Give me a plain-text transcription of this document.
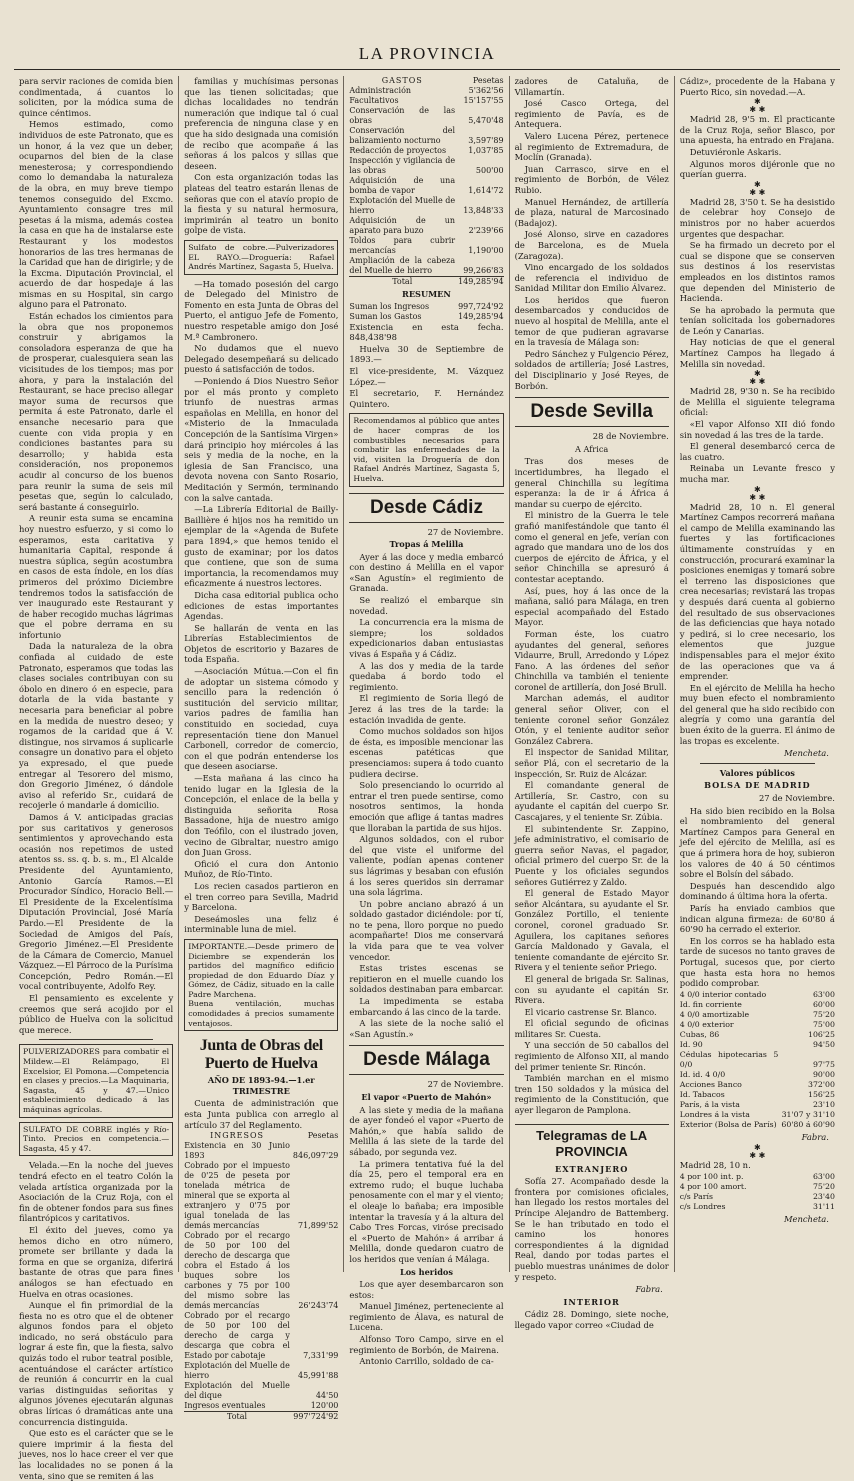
LA PROVINCIA

para servir raciones de comida bien condimentada, á cuantos lo soliciten, por la módica suma de quince céntimos.

Hemos estimado, como individuos de este Patronato, que es un honor, á la vez que un deber, ocuparnos del bien de la clase menesterosa; y correspondiendo como lo demandaba la naturaleza de la obra, en muy breve tiempo tenemos conseguido del Excmo. Ayuntamiento consagre tres mil pesetas á la misma, además costea la casa en que ha de instalarse este Restaurant y los modestos honorarios de las tres hermanas de la Caridad que han de dirigirle; y de la Excma. Diputación Provincial, el acuerdo de dar hospedaje á las mismas en su Hospital, sin cargo alguno para el Patronato.

Están echados los cimientos para la obra que nos proponemos construir y abrigamos la consoladora esperanza de que ha de prosperar, cualesquiera sean las vicisitudes de los tiempos; mas por ahora, y para la instalación del Restaurant, se hace preciso allegar mayor suma de recursos que permita á este Patronato, darle el ensanche necesario para que cuente con vida propia y en condiciones bastantes para su desarrollo; y habida esta consideración, nos proponemos acudir al concurso de los buenos para reunir la suma de seis mil pesetas que, según lo calculado, será bastante á conseguirlo.

A reunir esta suma se encamina hoy nuestro esfuerzo, y si como lo esperamos, esta caritativa y humanitaria Capital, responde á nuestra súplica, según acostumbra en casos de esta índole, en los días primeros del próximo Diciembre tendremos todos la satisfacción de ver inaugurado este Restaurant y de haber recogido muchas lágrimas que el pobre derrama en su infortunio

Dada la naturaleza de la obra confiada al cuidado de este Patronato, esperamos que todas las clases sociales contribuyan con su óbolo en dinero ó en especie, para dotarla de la vida bastante y necesaria para beneficiar al pobre en la medida de nuestro deseo; y rogamos de la caridad que á V. distingue, nos sirvamos á suplicarle consagre un donativo para el objeto ya expresado, el que puede entregar al Tesorero del mismo, don Gregorio Jiménez, ó dándole aviso al referido Sr., cuidará de recojerle ó mandarle á domicilio.

Damos á V. anticipadas gracias por sus caritativos y generosos sentimientos y aprovechando esta ocasión nos repetimos de usted atentos ss. ss. q. b. s. m., El Alcalde Presidente del Ayuntamiento, Antonio García Ramos.—El Procurador Síndico, Horacio Bell.—El Presidente de la Excelentísima Diputación Provincial, José María Pardo.—El Presidente de la Sociedad de Amigos del País, Gregorio Jiménez.—El Presidente de la Cámara de Comercio, Manuel Vázquez.—El Párroco de la Purísima Concepción, Pedro Román.—El vocal contribuyente, Adolfo Rey.

El pensamiento es excelente y creemos que será acojido por el público de Huelva con la solicitud que merece.

PULVERIZADORES para combatir el Mildew.—El Relámpago, El Excelsior, El Pomona.—Competencia en clases y precios.—La Maquinaria, Sagasta, 45 y 47.—Unico establecimiento dedicado á las máquinas agrícolas.
SULFATO DE COBRE inglés y Río-Tinto. Precios en competencia.—Sagasta, 45 y 47.

Velada.—En la noche del jueves tendrá efecto en el teatro Colón la velada artística organizada por la Asociación de la Cruz Roja, con el fin de obtener fondos para sus fines filantrópicos y caritativos.

El éxito del jueves, como ya hemos dicho en otro número, promete ser brillante y dada la forma en que se organiza, diferirá bastante de otras que para fines análogos se han efectuado en Huelva en otras ocasiones.

Aunque el fin primordial de la fiesta no es otro que el de obtener algunos fondos para el objeto indicado, no será obstáculo para lograr á este fin, que la fiesta, salvo quizás todo el rubor teatral posible, acentuándose el carácter artístico de reunión á concurrir en la cual varias distinguidas señoritas y algunos jóvenes ejecutarán algunas obras líricas ó dramáticas ante una concurrencia distinguida.

Que esto es el carácter que se le quiere imprimir á la fiesta del jueves, nos lo hace creer el ver que las localidades no se ponen á la venta, sino que se remiten á las

familias y muchísimas personas que las tienen solicitadas; que dichas localidades no tendrán numeración que indique tal ó cual preferencia de ninguna clase y en que ha sido designada una comisión de recibo que acompañe á las señoras á los palcos y sillas que deseen.

Con esta organización todas las plateas del teatro estarán llenas de señoras que con el atavío propio de la fiesta y su natural hermosura, imprimirán al teatro un bonito golpe de vista.

Sulfato de cobre.—Pulverizadores EL RAYO.—Droguería: Rafael Andrés Martínez, Sagasta 5, Huelva.

—Ha tomado posesión del cargo de Delegado del Ministro de Fomento en esta Junta de Obras del Puerto, el antiguo Jefe de Fomento, nuestro respetable amigo don José M.ª Cambronero.

No dudamos que el nuevo Delegado desempeñará su delicado puesto á satisfacción de todos.

—Poniendo á Dios Nuestro Señor por el más pronto y completo triunfo de nuestras armas españolas en Melilla, en honor del «Misterio de la Inmaculada Concepción de la Santísima Virgen» dará principio hoy miércoles á las seis y media de la noche, en la iglesia de San Francisco, una devota novena con Santo Rosario, Meditación y Sermón, terminando con la salve cantada.

—La Librería Editorial de Bailly-Baillière é hijos nos ha remitido un ejemplar de la «Agenda de Bufete para 1894,» que hemos tenido el gusto de examinar; por los datos que contiene, que son de suma importancia, la recomendamos muy eficazmente á nuestros lectores.

Dicha casa editorial publica ocho ediciones de estas importantes Agendas.

Se hallarán de venta en las Librerías Establecimientos de Objetos de escritorio y Bazares de toda España.

—Asociación Mútua.—Con el fin de adoptar un sistema cómodo y sencillo para la redención ó sustitución del servicio militar, varios padres de familia han constituido en sociedad, cuya representación tiene don Manuel Carbonell, corredor de comercio, con el que podrán entenderse los que deseen asociarse.

—Esta mañana á las cinco ha tenido lugar en la Iglesia de la Concepción, el enlace de la bella y distinguida señorita Rosa Bassadone, hija de nuestro amigo don Teófilo, con el ilustrado joven, vecino de Gibraltar, nuestro amigo don Juan Gross.

Ofició el cura don Antonio Muñoz, de Río-Tinto.

Los recien casados partieron en el tren correo para Sevilla, Madrid y Barcelona.

Deseámosles una feliz é interminable luna de miel.

IMPORTANTE.—Desde primero de Diciembre se expenderán los partidos del magnífico edificio propiedad de don Eduardo Díaz y Gómez, de Cádiz, situado en la calle Padre Marchena.
Buena ventilación, muchas comodidades á precios sumamente ventajosos.
Junta de Obras del Puerto de Huelva
AÑO DE 1893-94.—1.er TRIMESTRE

Cuenta de administración que esta Junta publica con arreglo al artículo 37 del Reglamento.

INGRESOS	Pesetas
Existencia en 30 Junio 1893	846,097'29
Cobrado por el impuesto de 0'25 de peseta por tonelada métrica de mineral que se exporta al extranjero y 0'75 por igual tonelada de las demás mercancías	71,899'52
Cobrado por el recargo de 50 por 100 del derecho de descarga que cobra el Estado á los buques sobre los carbones y 75 por 100 del mismo sobre las demás mercancías	26'243'74
Cobrado por el recargo de 50 por 100 del derecho de carga y descarga que cobra el Estado por cabotaje	7,331'99
Explotación del Muelle de hierro	45,991'88
Explotación del Muelle del dique	44'50
Ingresos eventuales	120'00
Total	997'724'92
GASTOS	Pesetas
Administración	5'362'56
Facultativos	15'157'55
Conservación de las obras	5,470'48
Conservación del balizamiento nocturno	3,597'89
Redacción de proyectos	1,037'85
Inspección y vigilancia de las obras	500'00
Adquisición de una bomba de vapor	1,614'72
Explotación del Muelle de hierro	13,848'33
Adquisición de un aparato para buzo	2'239'66
Toldos para cubrir mercancías	1,190'00
Ampliación de la cabeza del Muelle de hierro	99,266'83
Total	149,285'94
RESUMEN
Suman los Ingresos	997,724'92
Suman los Gastos	149,285'94

Existencia en esta fecha. 848,438'98

Huelva 30 de Septiembre de 1893.—

El vice-presidente, M. Vázquez López.—

El secretario, F. Hernández Quintero.

Recomendamos al público que antes de hacer compras de los combustibles necesarios para combatir las enfermedades de la vid, visiten la Droguería de don Rafael Andrés Martínez, Sagasta 5, Huelva.
Desde Cádiz
27 de Noviembre.
Tropas á Melilla

Ayer á las doce y media embarcó con destino á Melilla en el vapor «San Agustín» el regimiento de Granada.

Se realizó el embarque sin novedad.

La concurrencia era la misma de siempre; los soldados expedicionarios daban entusiastas vivas á España y á Cádiz.

A las dos y media de la tarde quedaba á bordo todo el regimiento.

El regimiento de Soria llegó de Jerez á las tres de la tarde: la estación invadida de gente.

Como muchos soldados son hijos de ésta, es imposible mencionar las escenas patéticas que presenciamos: supera á todo cuanto pudiera decirse.

Solo presenciando lo ocurrido al entrar el tren puede sentirse, como nosotros sentimos, la honda emoción que aflige á tantas madres que lloraban la partida de sus hijos.

Algunos soldados, con el rubor del que viste el uniforme del valiente, podían apenas contener sus lágrimas y besaban con efusión á los seres queridos sin derramar una sola lágrima.

Un pobre anciano abrazó á un soldado gastador diciéndole: por tí, no te pena, lloro porque no puedo acompañarte! Dios me conservará la vida para que te vea volver vencedor.

Estas tristes escenas se repitieron en el muelle cuando los soldados destinaban para embarcar.

La impedimenta se estaba embarcando á las cinco de la tarde.

A las siete de la noche salió el «San Agustín.»

Desde Málaga
27 de Noviembre.
El vapor «Puerto de Mahón»

A las siete y media de la mañana de ayer fondeó el vapor «Puerto de Mahón,» que había salido de Melilla á las siete de la tarde del sábado, por segunda vez.

La primera tentativa fué la del día 25, pero el temporal era en extremo rudo; el buque luchaba penosamente con el mar y el viento; el oleaje lo bañaba; era imposible intentar la travesía y á la altura del Cabo Tres Forcas, viróse precisado el «Puerto de Mahón» á arribar á Melilla, donde quedaron cuatro de los heridos que venían á Málaga.

Los heridos

Los que ayer desembarcaron son estos:

Manuel Jiménez, perteneciente al regimiento de Álava, es natural de Lucena.

Alfonso Toro Campo, sirve en el regimiento de Borbón, de Mairena.

Antonio Carrillo, soldado de ca-

zadores de Cataluña, de Villamartín.

José Casco Ortega, del regimiento de Pavía, es de Antequera.

Valero Lucena Pérez, pertenece al regimiento de Extremadura, de Moclín (Granada).

Juan Carrasco, sirve en el regimiento de Borbón, de Vélez Rubio.

Manuel Hernández, de artillería de plaza, natural de Marcosinado (Badajoz).

José Alonso, sirve en cazadores de Barcelona, es de Muela (Zaragoza).

Vino encargado de los soldados de referencia el individuo de Sanidad Militar don Emilio Álvarez.

Los heridos que fueron desembarcados y conducidos de nuevo al hospital de Melilla, ante el temor de que pudieran agravarse en la travesía de Málaga son:

Pedro Sánchez y Fulgencio Pérez, soldados de artillería; José Lastres, del Disciplinario y José Reyes, de Borbón.

Desde Sevilla
28 de Noviembre.
A Africa

Tras dos meses de incertidumbres, ha llegado el general Chinchilla su legítima esperanza: la de ir á África á mandar su cuerpo de ejército.

El ministro de la Guerra le tele grafió manifestándole que tanto él como el general en jefe, verían con agrado que mandara uno de los dos cuerpos de ejército de África, y el señor Chinchilla se apresuró á contestar aceptando.

Así, pues, hoy á las once de la mañana, salió para Málaga, en tren especial acompañado del Estado Mayor.

Forman éste, los cuatro ayudantes del general, señores Vidaurre, Brull, Arredondo y López Fano. A las órdenes del señor Chinchilla va también el teniente coronel de artillería, don José Brull.

Marchan además, el auditor general señor Oliver, con el teniente coronel señor González Otón, y el teniente auditor señor González Cabrera.

El inspector de Sanidad Militar, señor Plá, con el secretario de la inspección, Sr. Ruiz de Alcázar.

El comandante general de Artillería, Sr. Castro, con su ayudante el capitán del cuerpo Sr. Cascajares, y el teniente Sr. Zúbia.

El subintendente Sr. Zappino, jefe administrativo, el comisario de guerra señor Navas, el pagador, oficial primero del cuerpo Sr. de la Puente y los oficiales segundos señores Gutiérrez y Zaldo.

El general de Estado Mayor señor Alcántara, su ayudante el Sr. González Portillo, el teniente coronel, coronel graduado Sr. Aguilera, los capitanes señores García Maldonado y Gavala, el teniente comandante de ejército Sr. Rivera y el teniente señor Priego.

El general de brigada Sr. Salinas, con su ayudante el capitán Sr. Rivera.

El vicario castrense Sr. Blanco.

El oficial segundo de oficinas militares Sr. Cuesta.

Y una sección de 50 caballos del regimiento de Alfonso XII, al mando del primer teniente Sr. Rincón.

También marchan en el mismo tren 150 soldados y la música del regimiento de la Constitución, que ayer llegaron de Pamplona.

Telegramas de LA PROVINCIA
EXTRANJERO

Sofía 27. Acompañado desde la frontera por comisiones oficiales, han llegado los restos mortales del Príncipe Alejandro de Battemberg. Se le han tributado en todo el camino los honores correspondientes á la dignidad Real, dando por todas partes el pueblo muestras unánimes de dolor y respeto.

Fabra.
INTERIOR

Cádiz 28. Domingo, siete noche, llegado vapor correo «Ciudad de

Cádiz», procedente de la Habana y Puerto Rico, sin novedad.—A.

✱
✱ ✱

Madrid 28, 9'5 m. El practicante de la Cruz Roja, señor Blasco, por una apuesta, ha entrado en Frajana.

Detuviéronle Askaris.

Algunos moros dijéronle que no querían guerra.

✱
✱ ✱

Madrid 28, 3'50 t. Se ha desistido de celebrar hoy Consejo de ministros por no haber acuerdos urgentes que despachar.

Se ha firmado un decreto por el cual se dispone que se conserven sus destinos á los reservistas empleados en los distintos ramos que dependen del Ministerio de Hacienda.

Se ha aprobado la permuta que tenían solicitada los gobernadores de León y Canarias.

Hay noticias de que el general Martínez Campos ha llegado á Melilla sin novedad.

✱
✱ ✱

Madrid 28, 9'30 n. Se ha recibido de Melilla el siguiente telegrama oficial:

«El vapor Alfonso XII dió fondo sin novedad á las tres de la tarde.

El general desembarcó cerca de las cuatro.

Reinaba un Levante fresco y mucha mar.

✱
✱ ✱

Madrid 28, 10 n. El general Martínez Campos recorrerá mañana el campo de Melilla examinando las fuertes y las fortificaciones últimamente construídas y en construcción, procurará examinar la posiciones enemigas y tomará sobre el terreno las disposiciones que crea necesarias; revistará las tropas y después dará cuenta al gobierno del resultado de sus observaciones de las deficiencias que haya notado y pedirá, si lo cree necesario, los elementos que juzgue indispensables para el mejor éxito de las operaciones que va á emprender.

En el ejército de Melilla ha hecho muy buen efecto el nombramiento del general que ha sido recibido con alegría y como una garantía del buen éxito de la guerra. El ánimo de las tropas es excelente.

Mencheta.
Valores públicos
BOLSA DE MADRID
27 de Noviembre.

Ha sido bien recibido en la Bolsa el nombramiento del general Martínez Campos para General en jefe del ejército de Melilla, así es que á primera hora de hoy, subieron los valores de 40 á 50 céntimos sobre el Bolsín del sábado.

Después han descendido algo dominando á última hora la oferta.

París ha enviado cambios que indican alguna firmeza: de 60'80 á 60'90 ha cerrado el exterior.

En los corros se ha hablado esta tarde de sucesos no tanto graves de Portugal, sucesos que, por cierto que hasta esta hora no hemos podido comprobar.

4 0/0 interior contado	63'00
Id. fin corriente	60'00
4 0/0 amortizable	75'20
4 0/0 exterior	75'00
Cubas, 86	106'25
Id. 90	94'50
Cédulas hipotecarias 5 0/0	97'75
Id. id. 4 0/0	90'00
Acciones Banco	372'00
Id. Tabacos	156'25
París, á la vista	23'10
Londres á la vista	31'07 y 31'10
Exterior (Bolsa de París)	60'80 á 60'90
Fabra.
✱
✱ ✱

Madrid 28, 10 n.

4 por 100 int. p.	63'00
4 por 100 amort.	75'20
c/s París	23'40
c/s Londres	31'11
Mencheta.
